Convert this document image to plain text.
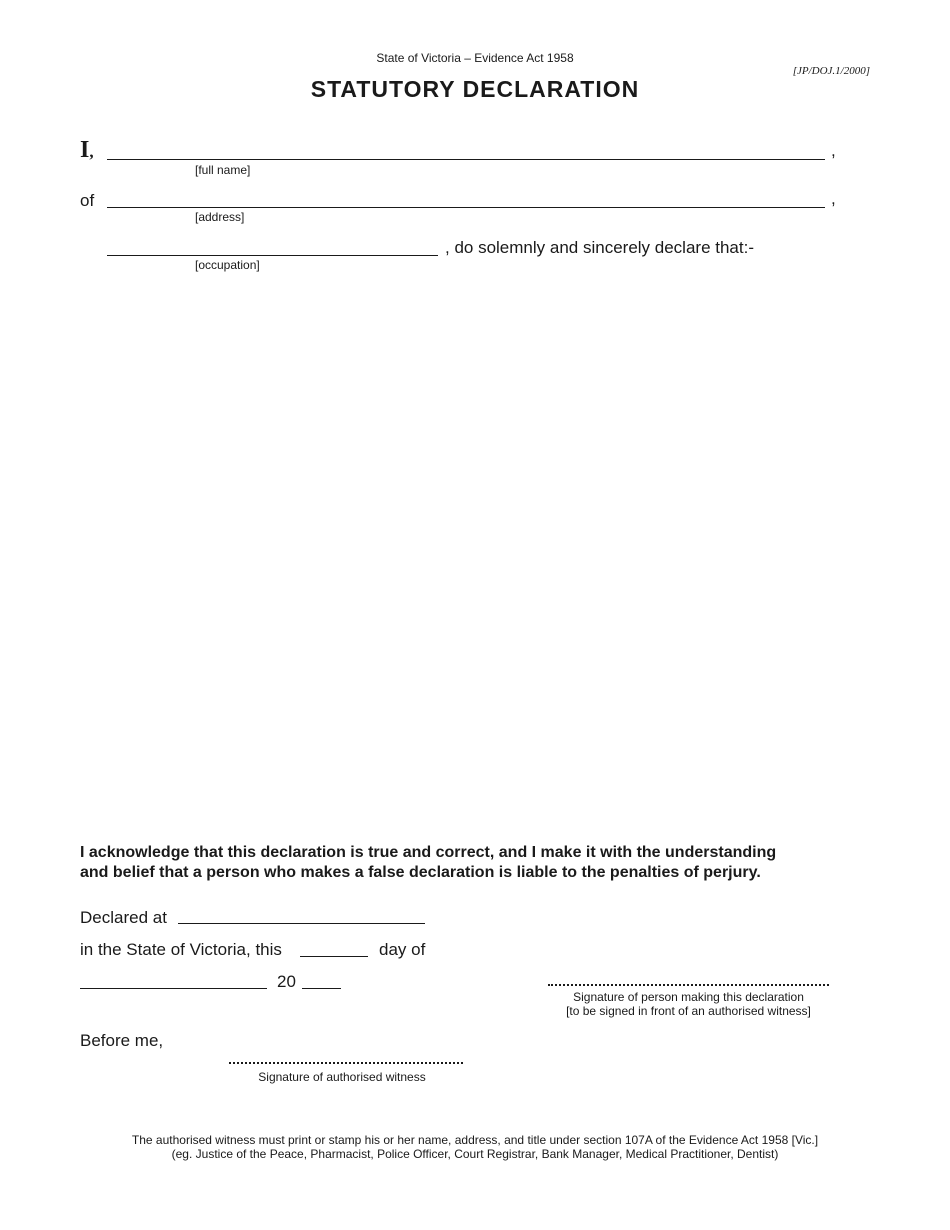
State of Victoria – Evidence Act 1958
[JP/DOJ.1/2000]
STATUTORY DECLARATION
I,	,
[full name]
of	,
[address]
, do solemnly and sincerely declare that:-
[occupation]
I acknowledge that this declaration is true and correct, and I make it with the understanding
and belief that a person who makes a false declaration is liable to the penalties of perjury.
Declared at
in the State of Victoria, this	day of
20
Signature of person making this declaration
[to be signed in front of an authorised witness]
Before me,
Signature of authorised witness
The authorised witness must print or stamp his or her name, address, and title under section 107A of the Evidence Act 1958 [Vic.]
(eg. Justice of the Peace, Pharmacist, Police Officer, Court Registrar, Bank Manager, Medical Practitioner, Dentist)
